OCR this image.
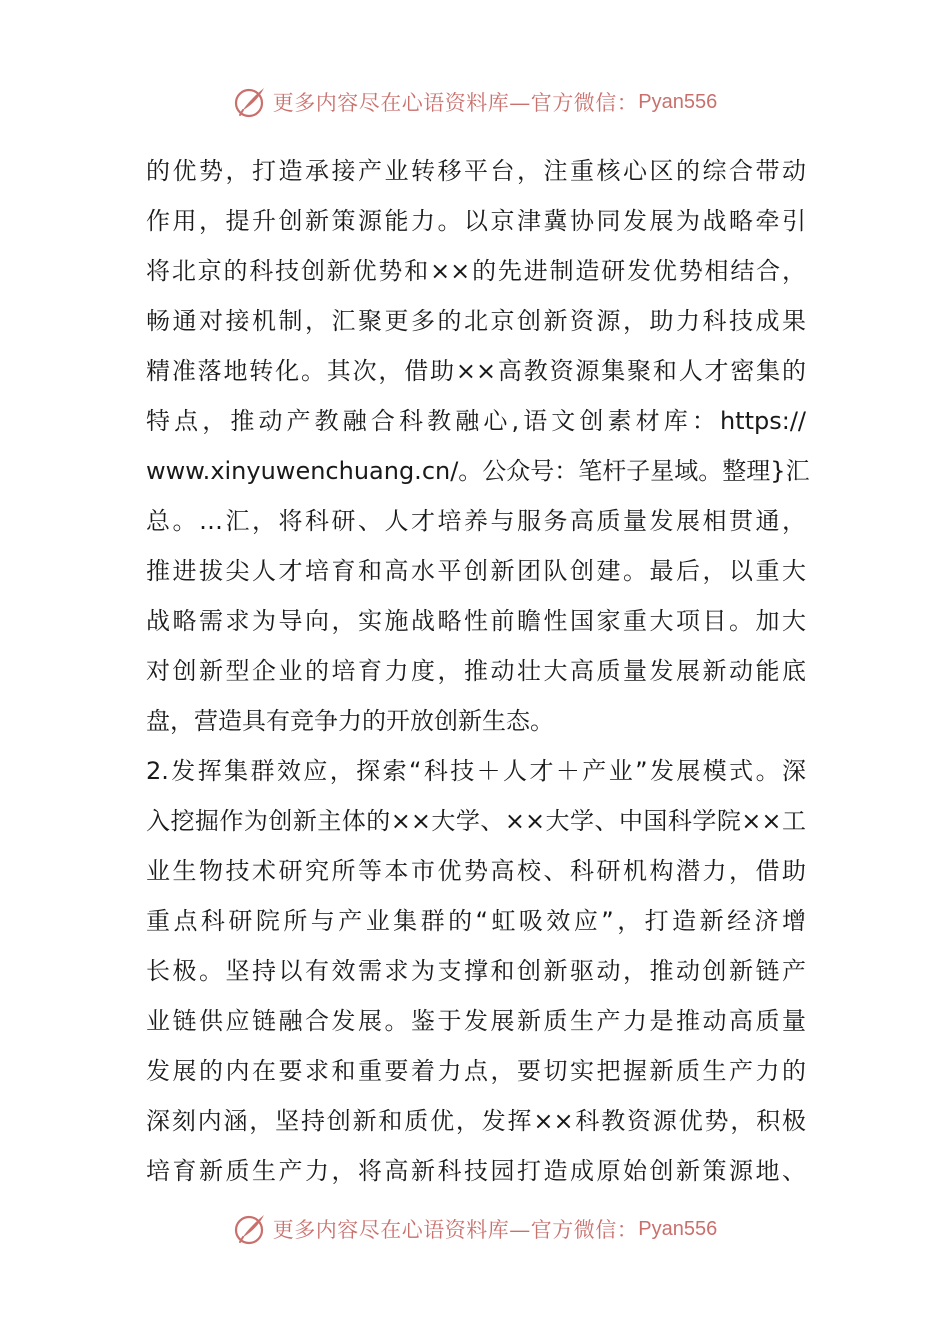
更多内容尽在心语资料库—官方微信： Pyan556
的优势，打造承接产业转移平台，注重核心区的综合带动
作用，提升创新策源能力。以京津冀协同发展为战略牵引
将北京的科技创新优势和××的先进制造研发优势相结合，
畅通对接机制，汇聚更多的北京创新资源，助力科技成果
精准落地转化。其次，借助××高教资源集聚和人才密集的
特点，推动产教融合科教融心,语文创素材库：https://
www.xinyuwenchuang.cn/。公众号：笔杆子星域。整理}汇
总。…汇，将科研、人才培养与服务高质量发展相贯通，
推进拔尖人才培育和高水平创新团队创建。最后，以重大
战略需求为导向，实施战略性前瞻性国家重大项目。加大
对创新型企业的培育力度，推动壮大高质量发展新动能底
盘，营造具有竞争力的开放创新生态。
2.发挥集群效应，探索“科技＋人才＋产业”发展模式。深
入挖掘作为创新主体的××大学、××大学、中国科学院××工
业生物技术研究所等本市优势高校、科研机构潜力，借助
重点科研院所与产业集群的“虹吸效应”，打造新经济增
长极。坚持以有效需求为支撑和创新驱动，推动创新链产
业链供应链融合发展。鉴于发展新质生产力是推动高质量
发展的内在要求和重要着力点，要切实把握新质生产力的
深刻内涵，坚持创新和质优，发挥××科教资源优势，积极
培育新质生产力，将高新科技园打造成原始创新策源地、
更多内容尽在心语资料库—官方微信： Pyan556
